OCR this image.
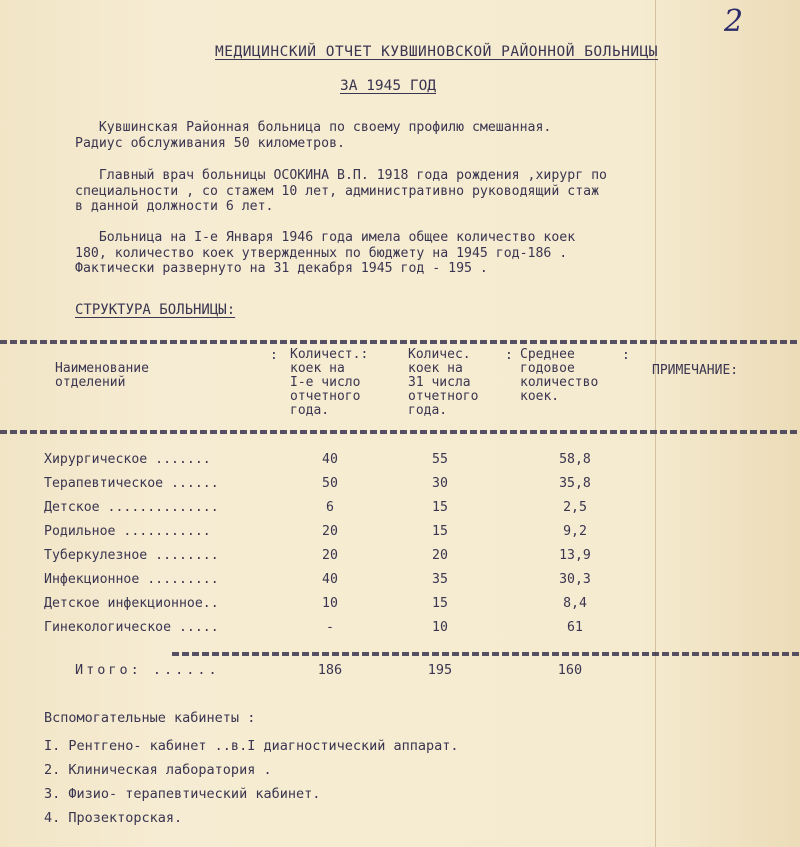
2
МЕДИЦИНСКИЙ ОТЧЕТ КУВШИНОВСКОЙ РАЙОННОЙ БОЛЬНИЦЫ
ЗА 1945 ГОД
Кувшинская Районная больница по своему профилю смешанная.
Радиус обслуживания 50 километров.
Главный врач больницы ОСОКИНА В.П. 1918 года рождения ,хирург по
специальности , со стажем 10 лет, административно руководящий стаж
в данной должности 6 лет.
Больница на I-е Января 1946 года имела общее количество коек
180, количество коек утвержденных по бюджету на 1945 год-186 .
Фактически развернуто на 31 декабря 1945 год - 195 .
СТРУКТУРА БОЛЬНИЦЫ:
Наименование
отделений
: Количест.:
коек на
I-е число
отчетного
года.
:
Количес.
коек на
31 числа
отчетного
года.
:
Среднее
годовое
количество
коек.
ПРИМЕЧАНИЕ:
Хирургическое .......	40	55	58,8
Терапевтическое ......	50	30	35,8
Детское ..............	6	15	2,5
Родильное ...........	20	15	9,2
Туберкулезное ........	20	20	13,9
Инфекционное .........	40	35	30,3
Детское инфекционное..	10	15	8,4
Гинекологическое .....	-	10	61
Итого: ......	186	195	160
Вспомогательные кабинеты :
I. Рентгено- кабинет ..в.I диагностический аппарат.
2. Клиническая лаборатория .
3. Физио- терапевтический кабинет.
4. Прозекторская.
